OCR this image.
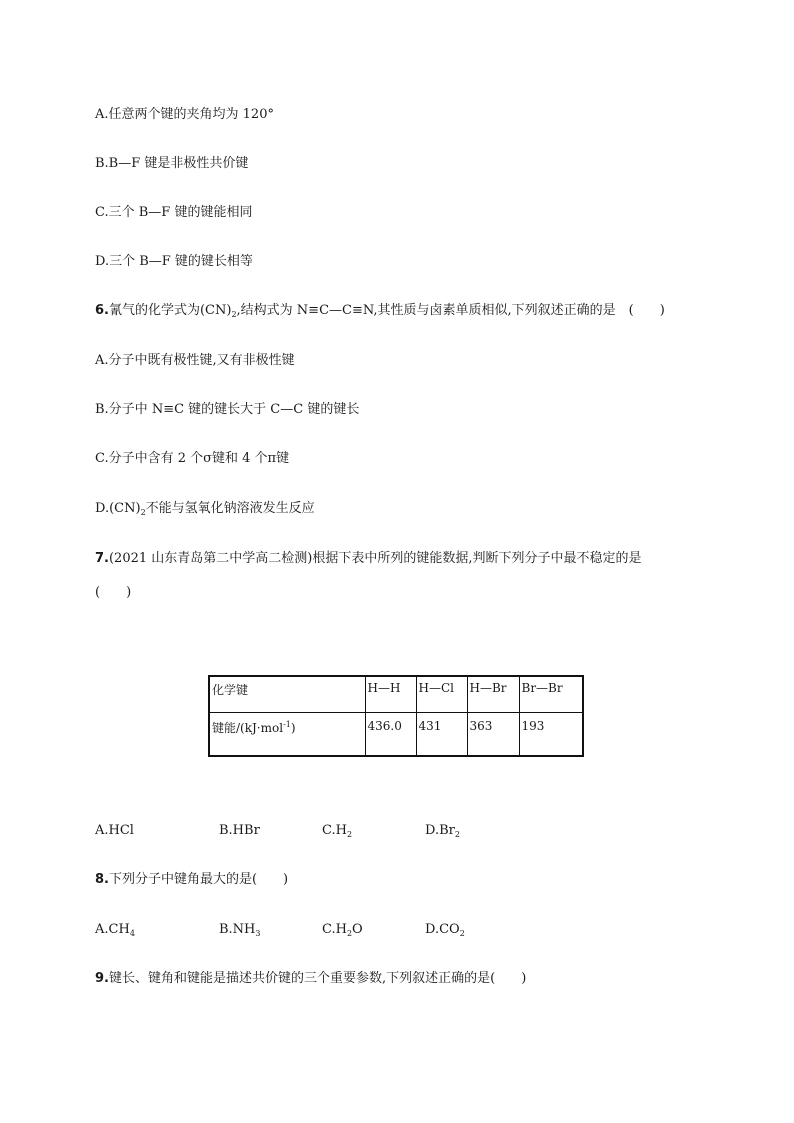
A.任意两个键的夹角均为 120°
B.B—F 键是非极性共价键
C.三个 B—F 键的键能相同
D.三个 B—F 键的键长相等
6.氰气的化学式为$(CN)_2$,结构式为 N≡C—C≡N,其性质与卤素单质相似,下列叙述正确的是　(　　)
A.分子中既有极性键,又有非极性键
B.分子中 N≡C 键的键长大于 C—C 键的键长
C.分子中含有 2 个σ键和 4 个π键
$D.(CN)_2$不能与氢氧化钠溶液发生反应
7.(2021 山东青岛第二中学高二检测)根据下表中所列的键能数据,判断下列分子中最不稳定的是
(　　)
化学键	H—H	H—Cl	H—Br	Br—Br
键能/(kJ·mol$^{-1}$)	436.0	431	363	193
A.HCl	B.HBr	$C.H_2$	$D.Br_2$
8.下列分子中键角最大的是(　　)
$A.CH_4$	$B.NH_3$	$C.H_2O$	$D.CO_2$
9.键长、键角和键能是描述共价键的三个重要参数,下列叙述正确的是(　　)
